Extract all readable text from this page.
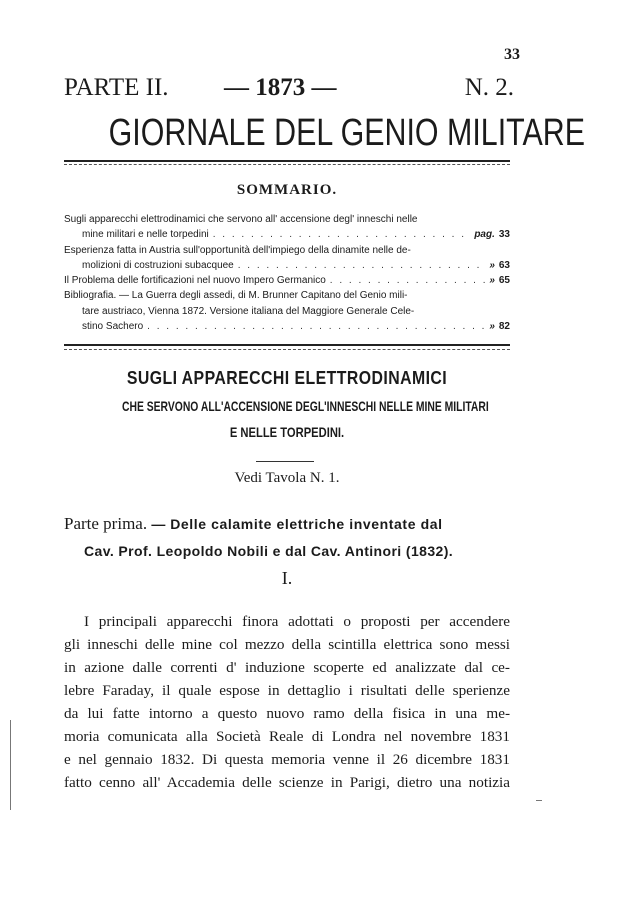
33
PARTE II. — 1873 —	N. 2.
GIORNALE DEL GENIO MILITARE
SOMMARIO.
Sugli apparecchi elettrodinamici che servono all' accensione degl' inneschi nelle
mine militari e nelle torpedini . . .	pag. 33
Esperienza fatta in Austria sull'opportunità dell'impiego della dinamite nelle de-
molizioni di costruzioni subacquee . . .	» 63
Il Problema delle fortificazioni nel nuovo Impero Germanico . . .	» 65
Bibliografia. — La Guerra degli assedi, di M. Brunner Capitano del Genio mili-
tare austriaco, Vienna 1872. Versione italiana del Maggiore Generale Cele-
stino Sachero . . .	» 82
SUGLI APPARECCHI ELETTRODINAMICI
CHE SERVONO ALL'ACCENSIONE DEGL'INNESCHI NELLE MINE MILITARI
E NELLE TORPEDINI.
Vedi Tavola N. 1.
Parte prima. — Delle calamite elettriche inventate dal
Cav. Prof. Leopoldo Nobili e dal Cav. Antinori (1832).
I.
I principali apparecchi finora adottati o proposti per accendere
gli inneschi delle mine col mezzo della scintilla elettrica sono messi
in azione dalle correnti d' induzione scoperte ed analizzate dal ce-
lebre Faraday, il quale espose in dettaglio i risultati delle sperienze
da lui fatte intorno a questo nuovo ramo della fisica in una me-
moria comunicata alla Società Reale di Londra nel novembre 1831
e nel gennaio 1832. Di questa memoria venne il 26 dicembre 1831
fatto cenno all' Accademia delle scienze in Parigi, dietro una notizia
